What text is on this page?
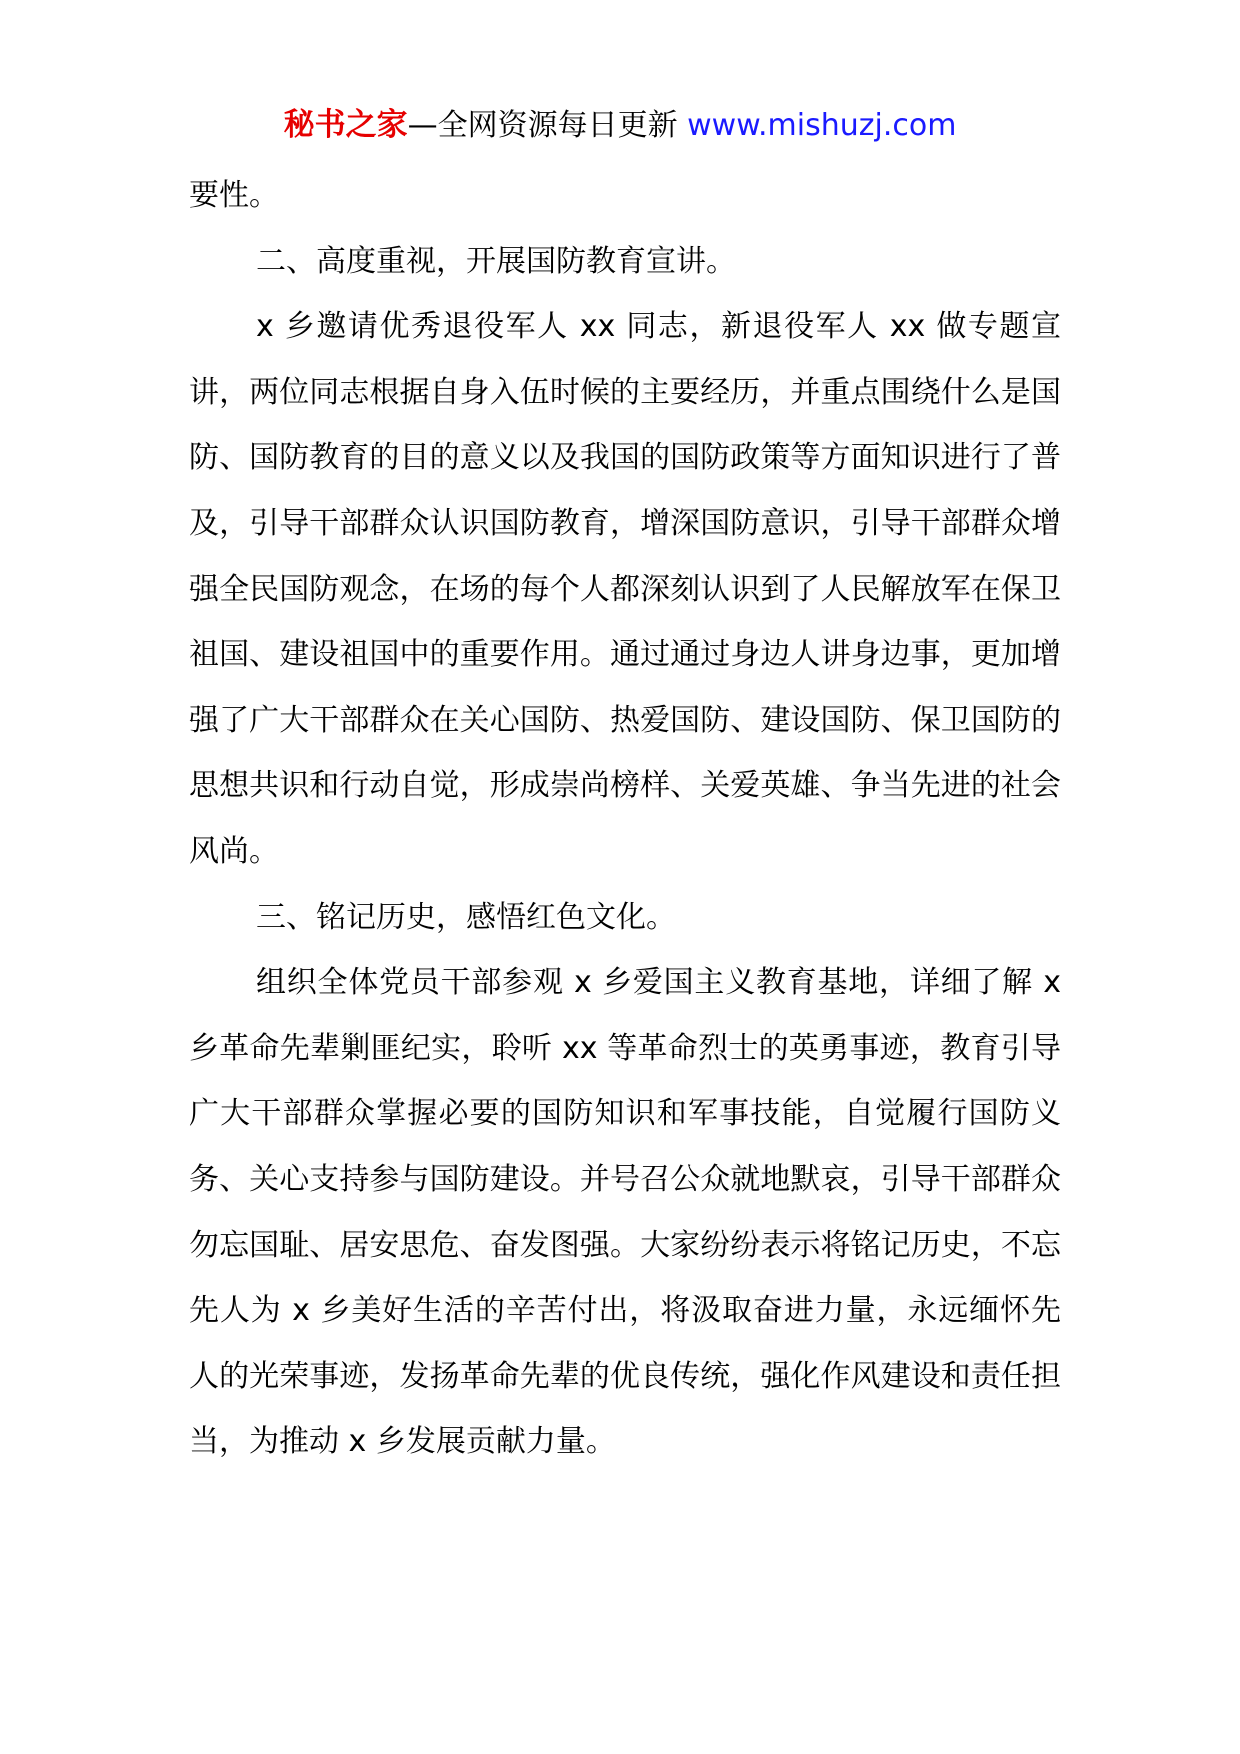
秘书之家—全网资源每日更新 www.mishuzj.com

要性。

二、高度重视，开展国防教育宣讲。

x 乡邀请优秀退役军人 xx 同志，新退役军人 xx 做专题宣讲，两位同志根据自身入伍时候的主要经历，并重点围绕什么是国防、国防教育的目的意义以及我国的国防政策等方面知识进行了普及，引导干部群众认识国防教育，增深国防意识，引导干部群众增强全民国防观念，在场的每个人都深刻认识到了人民解放军在保卫祖国、建设祖国中的重要作用。通过通过身边人讲身边事，更加增强了广大干部群众在关心国防、热爱国防、建设国防、保卫国防的思想共识和行动自觉，形成崇尚榜样、关爱英雄、争当先进的社会风尚。

三、铭记历史，感悟红色文化。

组织全体党员干部参观 x 乡爱国主义教育基地，详细了解 x 乡革命先辈剿匪纪实，聆听 xx 等革命烈士的英勇事迹，教育引导广大干部群众掌握必要的国防知识和军事技能，自觉履行国防义务、关心支持参与国防建设。并号召公众就地默哀，引导干部群众勿忘国耻、居安思危、奋发图强。大家纷纷表示将铭记历史，不忘先人为 x 乡美好生活的辛苦付出，将汲取奋进力量，永远缅怀先人的光荣事迹，发扬革命先辈的优良传统，强化作风建设和责任担当，为推动 x 乡发展贡献力量。
